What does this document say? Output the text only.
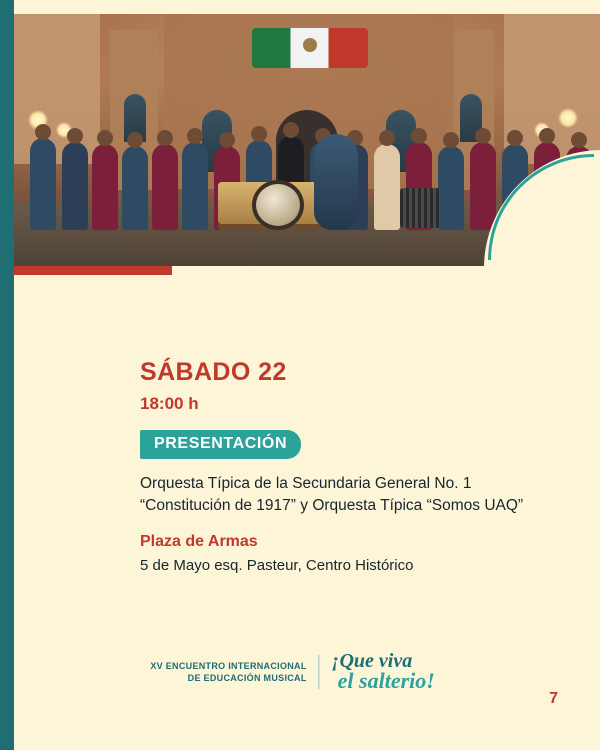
SÁBADO 22
18:00 h
PRESENTACIÓN
Orquesta Típica de la Secundaria General No. 1
“Constitución de 1917” y Orquesta Típica “Somos UAQ”
Plaza de Armas
5 de Mayo esq. Pasteur, Centro Histórico
XV ENCUENTRO INTERNACIONAL
DE EDUCACIÓN MUSICAL
¡Que viva
el salterio!
7
